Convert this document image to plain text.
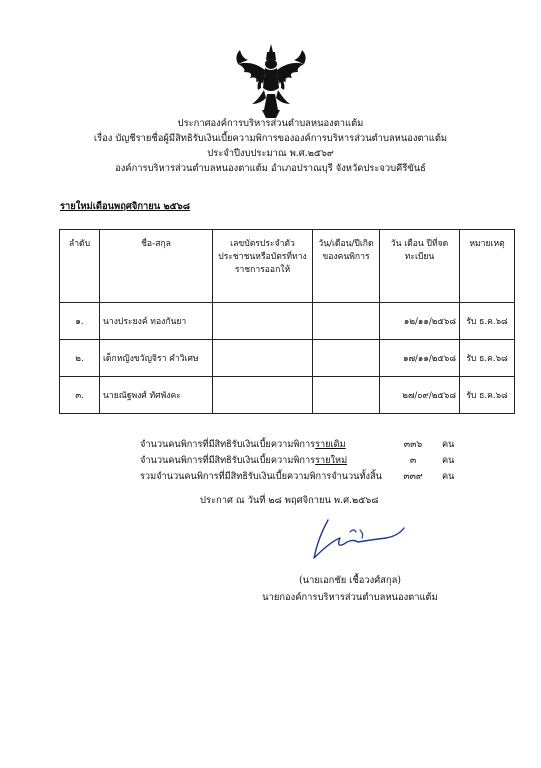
ประกาศองค์การบริหารส่วนตำบลหนองตาแต้ม
เรื่อง บัญชีรายชื่อผู้มีสิทธิรับเงินเบี้ยความพิการขององค์การบริหารส่วนตำบลหนองตาแต้ม
ประจำปีงบประมาณ พ.ศ.๒๕๖๙
องค์การบริหารส่วนตำบลหนองตาแต้ม อำเภอปราณบุรี จังหวัดประจวบคีรีขันธ์
รายใหม่เดือนพฤศจิกายน ๒๕๖๘
ลำดับ	ชื่อ-สกุล	เลขบัตรประจำตัวประชาชนหรือบัตรที่ทางราชการออกให้	วัน/เดือน/ปีเกิดของคนพิการ	วัน เดือน ปีที่จดทะเบียน	หมายเหตุ
๑.	นางประยงค์ ทองกันยา			๑๒/๑๑/๒๕๖๘	รับ ธ.ค.๖๘
๒.	เด็กหญิงขวัญจิรา คำวิเศษ			๑๗/๑๑/๒๕๖๘	รับ ธ.ค.๖๘
๓.	นายณัฐพงศ์ ทัศพังคะ			๒๗/๐๙/๒๕๖๘	รับ ธ.ค.๖๘
จำนวนคนพิการที่มีสิทธิรับเงินเบี้ยความพิการรายเดิม	๓๓๖	คน
จำนวนคนพิการที่มีสิทธิรับเงินเบี้ยความพิการรายใหม่	๓	คน
รวมจำนวนคนพิการที่มีสิทธิรับเงินเบี้ยความพิการจำนวนทั้งสิ้น	๓๓๙	คน
ประกาศ ณ วันที่ ๒๘ พฤศจิกายน พ.ศ.๒๕๖๘
(นายเอกชัย เชื้อวงศ์สกุล)
นายกองค์การบริหารส่วนตำบลหนองตาแต้ม
